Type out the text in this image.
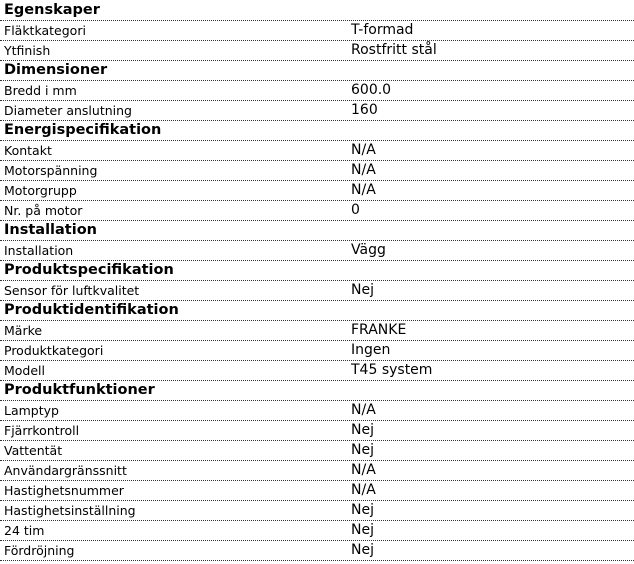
Egenskaper
Fläktkategori	T-formad
Ytfinish	Rostfritt stål
Dimensioner
Bredd i mm	600.0
Diameter anslutning	160
Energispecifikation
Kontakt	N/A
Motorspänning	N/A
Motorgrupp	N/A
Nr. på motor	0
Installation
Installation	Vägg
Produktspecifikation
Sensor för luftkvalitet	Nej
Produktidentifikation
Märke	FRANKE
Produktkategori	Ingen
Modell	T45 system
Produktfunktioner
Lamptyp	N/A
Fjärrkontroll	Nej
Vattentät	Nej
Användargränssnitt	N/A
Hastighetsnummer	N/A
Hastighetsinställning	Nej
24 tim	Nej
Fördröjning	Nej
